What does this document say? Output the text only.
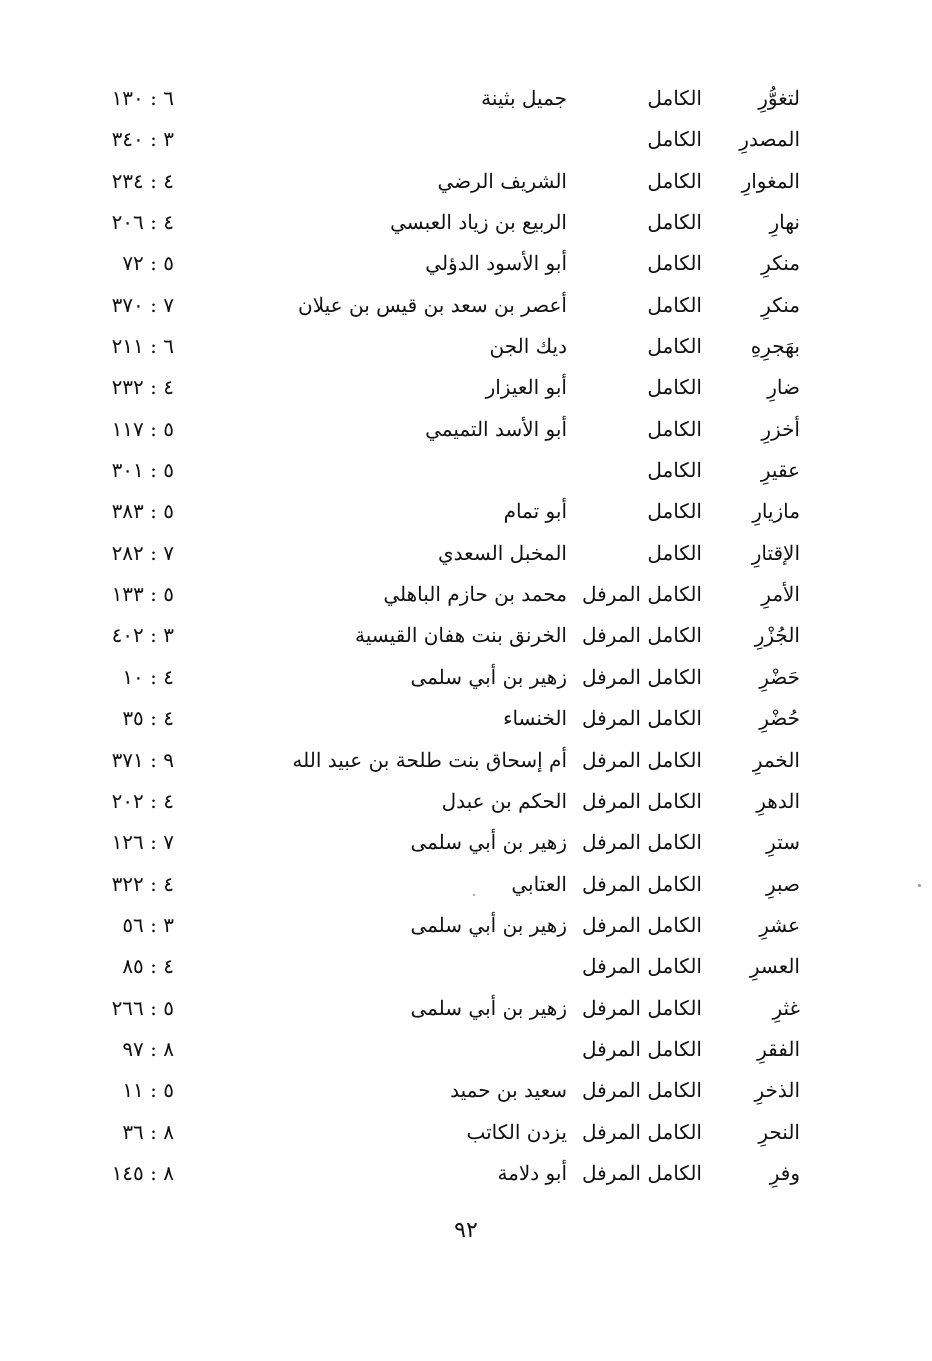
لتغوُّرِ
الكامل
جميل بثينة
٦ : ١٣٠
المصدرِ
الكامل
٣ : ٣٤٠
المغوارِ
الكامل
الشريف الرضي
٤ : ٢٣٤
نهارِ
الكامل
الربيع بن زياد العبسي
٤ : ٢٠٦
منكرِ
الكامل
أبو الأسود الدؤلي
٥ : ٧٢
منكرِ
الكامل
أعصر بن سعد بن قيس بن عيلان
٧ : ٣٧٠
بهَجرِهِ
الكامل
ديك الجن
٦ : ٢١١
ضارِ
الكامل
أبو العيزار
٤ : ٢٣٢
أخزرِ
الكامل
أبو الأسد التميمي
٥ : ١١٧
عقيرِ
الكامل
٥ : ٣٠١
مازيارِ
الكامل
أبو تمام
٥ : ٣٨٣
الإقتارِ
الكامل
المخبل السعدي
٧ : ٢٨٢
الأمرِ
الكامل المرفل
محمد بن حازم الباهلي
٥ : ١٣٣
الجُزْرِ
الكامل المرفل
الخرنق بنت هفان القيسية
٣ : ٤٠٢
حَضْرِ
الكامل المرفل
زهير بن أبي سلمى
٤ : ١٠
حُضْرِ
الكامل المرفل
الخنساء
٤ : ٣٥
الخمرِ
الكامل المرفل
أم إسحاق بنت طلحة بن عبيد الله
٩ : ٣٧١
الدهرِ
الكامل المرفل
الحكم بن عبدل
٤ : ٢٠٢
سترِ
الكامل المرفل
زهير بن أبي سلمى
٧ : ١٢٦
صبرِ
الكامل المرفل
العتابي
٤ : ٣٢٢
عشرِ
الكامل المرفل
زهير بن أبي سلمى
٣ : ٥٦
العسرِ
الكامل المرفل
٤ : ٨٥
غثرِ
الكامل المرفل
زهير بن أبي سلمى
٥ : ٢٦٦
الفقرِ
الكامل المرفل
٨ : ٩٧
الذخرِ
الكامل المرفل
سعيد بن حميد
٥ : ١١
النحرِ
الكامل المرفل
يزدن الكاتب
٨ : ٣٦
وفرِ
الكامل المرفل
أبو دلامة
٨ : ١٤٥
٩٢
